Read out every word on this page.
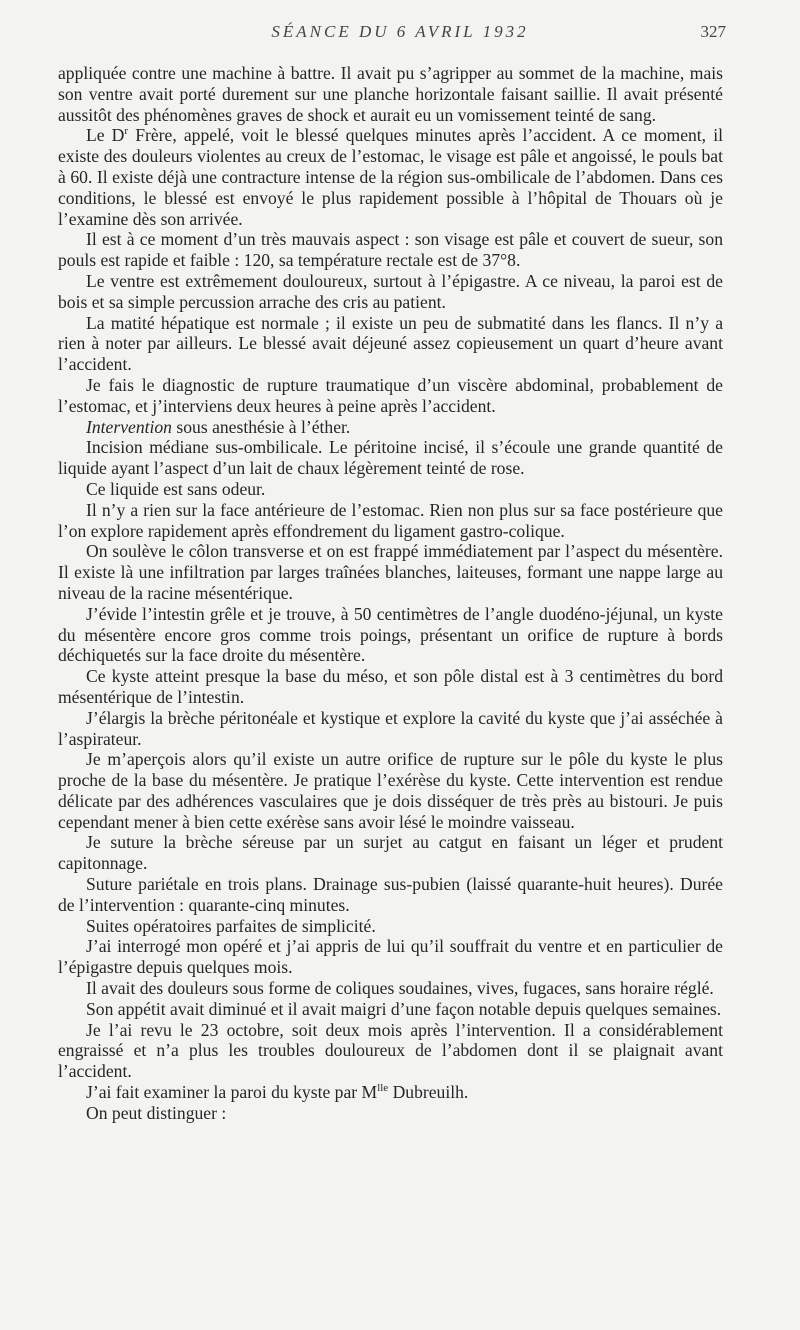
SÉANCE DU 6 AVRIL 1932	327

appliquée contre une machine à battre. Il avait pu s’agripper au sommet de la machine, mais son ventre avait porté durement sur une planche horizontale faisant saillie. Il avait présenté aussitôt des phénomènes graves de shock et aurait eu un vomissement teinté de sang.

Le $D^r$ Frère, appelé, voit le blessé quelques minutes après l’accident. A ce moment, il existe des douleurs violentes au creux de l’estomac, le visage est pâle et angoissé, le pouls bat à 60. Il existe déjà une contracture intense de la région sus-ombilicale de l’abdomen. Dans ces conditions, le blessé est envoyé le plus rapidement possible à l’hôpital de Thouars où je l’examine dès son arrivée.

Il est à ce moment d’un très mauvais aspect : son visage est pâle et couvert de sueur, son pouls est rapide et faible : 120, sa température rectale est de 37°8.

Le ventre est extrêmement douloureux, surtout à l’épigastre. A ce niveau, la paroi est de bois et sa simple percussion arrache des cris au patient.

La matité hépatique est normale ; il existe un peu de submatité dans les flancs. Il n’y a rien à noter par ailleurs. Le blessé avait déjeuné assez copieusement un quart d’heure avant l’accident.

Je fais le diagnostic de rupture traumatique d’un viscère abdominal, probablement de l’estomac, et j’interviens deux heures à peine après l’accident.

Intervention sous anesthésie à l’éther.

Incision médiane sus-ombilicale. Le péritoine incisé, il s’écoule une grande quantité de liquide ayant l’aspect d’un lait de chaux légèrement teinté de rose.

Ce liquide est sans odeur.

Il n’y a rien sur la face antérieure de l’estomac. Rien non plus sur sa face postérieure que l’on explore rapidement après effondrement du ligament gastro-colique.

On soulève le côlon transverse et on est frappé immédiatement par l’aspect du mésentère. Il existe là une infiltration par larges traînées blanches, laiteuses, formant une nappe large au niveau de la racine mésentérique.

J’évide l’intestin grêle et je trouve, à 50 centimètres de l’angle duodéno-jéjunal, un kyste du mésentère encore gros comme trois poings, présentant un orifice de rupture à bords déchiquetés sur la face droite du mésentère.

Ce kyste atteint presque la base du méso, et son pôle distal est à 3 centimètres du bord mésentérique de l’intestin.

J’élargis la brèche péritonéale et kystique et explore la cavité du kyste que j’ai asséchée à l’aspirateur.

Je m’aperçois alors qu’il existe un autre orifice de rupture sur le pôle du kyste le plus proche de la base du mésentère. Je pratique l’exérèse du kyste. Cette intervention est rendue délicate par des adhérences vasculaires que je dois disséquer de très près au bistouri. Je puis cependant mener à bien cette exérèse sans avoir lésé le moindre vaisseau.

Je suture la brèche séreuse par un surjet au catgut en faisant un léger et prudent capitonnage.

Suture pariétale en trois plans. Drainage sus-pubien (laissé quarante-huit heures). Durée de l’intervention : quarante-cinq minutes.

Suites opératoires parfaites de simplicité.

J’ai interrogé mon opéré et j’ai appris de lui qu’il souffrait du ventre et en particulier de l’épigastre depuis quelques mois.

Il avait des douleurs sous forme de coliques soudaines, vives, fugaces, sans horaire réglé.

Son appétit avait diminué et il avait maigri d’une façon notable depuis quelques semaines.

Je l’ai revu le 23 octobre, soit deux mois après l’intervention. Il a considérablement engraissé et n’a plus les troubles douloureux de l’abdomen dont il se plaignait avant l’accident.

J’ai fait examiner la paroi du kyste par $M^{lle}$ Dubreuilh.

On peut distinguer :
